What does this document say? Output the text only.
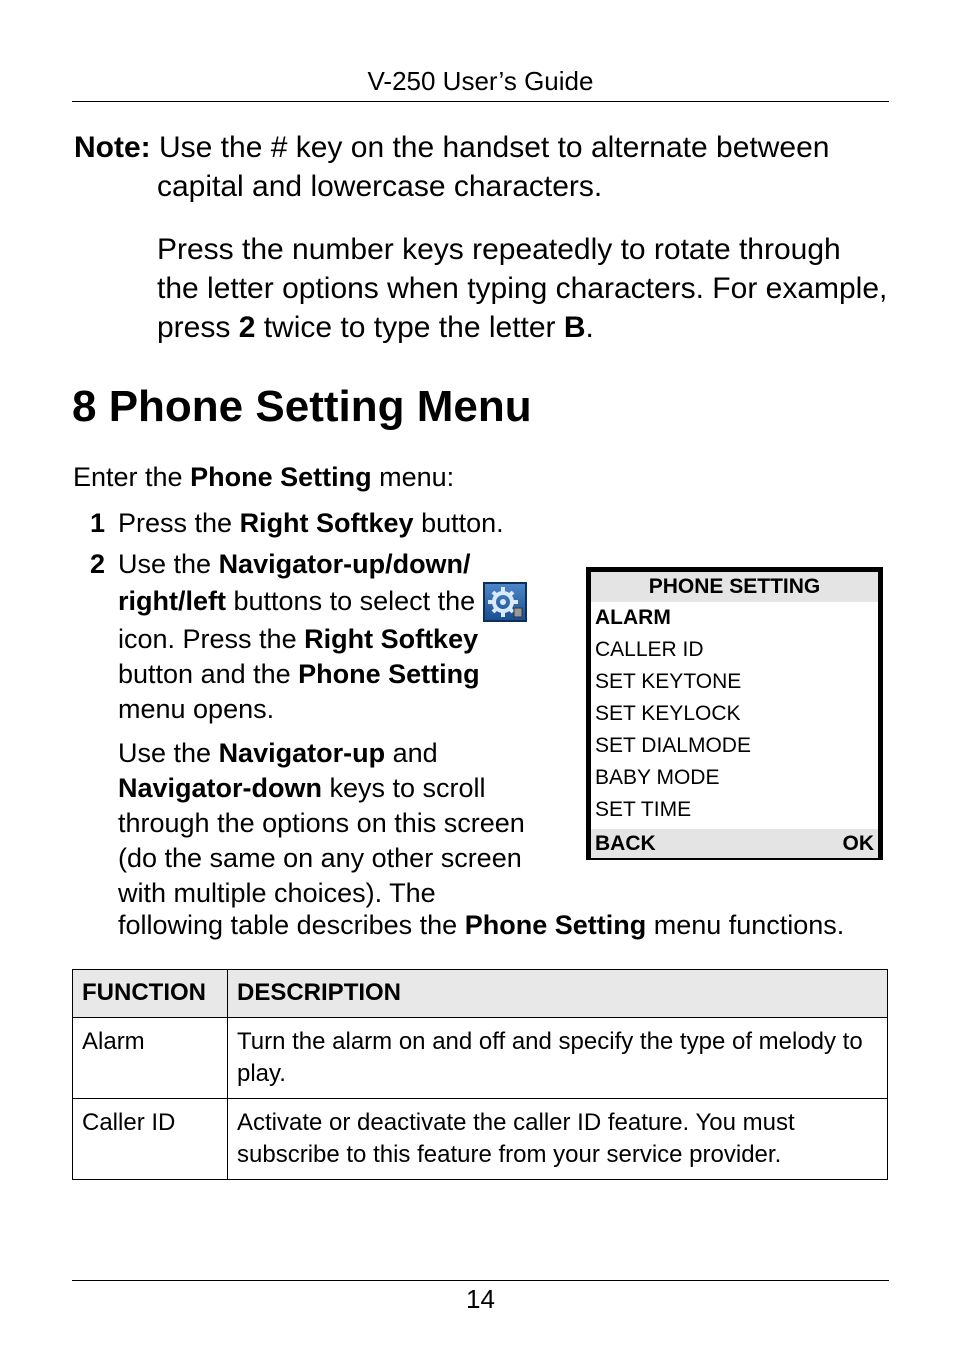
V-250 User’s Guide
Note: Use the # key on the handset to alternate between capital and lowercase characters.
Press the number keys repeatedly to rotate through the letter options when typing characters. For example, press 2 twice to type the letter B.
8 Phone Setting Menu
Enter the Phone Setting menu:
1 Press the Right Softkey button.
2 Use the Navigator-up/down/ right/left buttons to select the icon. Press the Right Softkey button and the Phone Setting menu opens.
Use the Navigator-up and Navigator-down keys to scroll through the options on this screen (do the same on any other screen with multiple choices). The
following table describes the Phone Setting menu functions.
PHONE SETTING
ALARM
CALLER ID
SET KEYTONE
SET KEYLOCK
SET DIALMODE
BABY MODE
SET TIME
BACK	OK
FUNCTION	DESCRIPTION
Alarm	Turn the alarm on and off and specify the type of melody to play.
Caller ID	Activate or deactivate the caller ID feature. You must subscribe to this feature from your service provider.
14
